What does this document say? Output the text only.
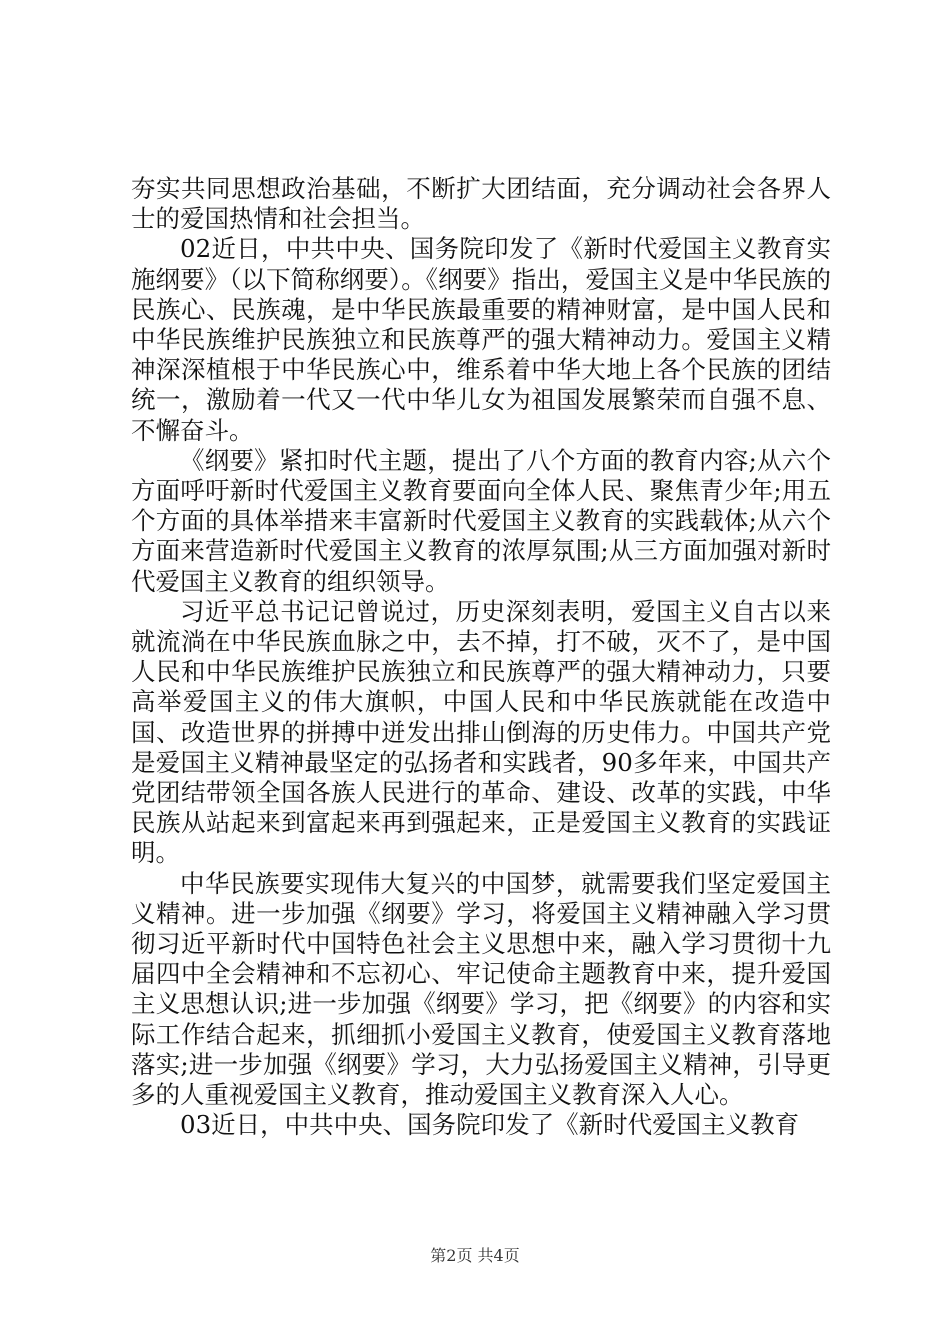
夯实共同思想政治基础，不断扩大团结面，充分调动社会各界人士的爱国热情和社会担当。

02近日，中共中央、国务院印发了《新时代爱国主义教育实施纲要》（以下简称纲要）。《纲要》指出，爱国主义是中华民族的民族心、民族魂，是中华民族最重要的精神财富，是中国人民和中华民族维护民族独立和民族尊严的强大精神动力。爱国主义精神深深植根于中华民族心中，维系着中华大地上各个民族的团结统一，激励着一代又一代中华儿女为祖国发展繁荣而自强不息、不懈奋斗。

《纲要》紧扣时代主题，提出了八个方面的教育内容;从六个方面呼吁新时代爱国主义教育要面向全体人民、聚焦青少年;用五个方面的具体举措来丰富新时代爱国主义教育的实践载体;从六个方面来营造新时代爱国主义教育的浓厚氛围;从三方面加强对新时代爱国主义教育的组织领导。

习近平总书记记曾说过，历史深刻表明，爱国主义自古以来就流淌在中华民族血脉之中，去不掉，打不破，灭不了，是中国人民和中华民族维护民族独立和民族尊严的强大精神动力，只要高举爱国主义的伟大旗帜，中国人民和中华民族就能在改造中国、改造世界的拼搏中迸发出排山倒海的历史伟力。中国共产党是爱国主义精神最坚定的弘扬者和实践者，90多年来，中国共产党团结带领全国各族人民进行的革命、建设、改革的实践，中华民族从站起来到富起来再到强起来，正是爱国主义教育的实践证明。

中华民族要实现伟大复兴的中国梦，就需要我们坚定爱国主义精神。进一步加强《纲要》学习，将爱国主义精神融入学习贯彻习近平新时代中国特色社会主义思想中来，融入学习贯彻十九届四中全会精神和不忘初心、牢记使命主题教育中来，提升爱国主义思想认识;进一步加强《纲要》学习，把《纲要》的内容和实际工作结合起来，抓细抓小爱国主义教育，使爱国主义教育落地落实;进一步加强《纲要》学习，大力弘扬爱国主义精神，引导更多的人重视爱国主义教育，推动爱国主义教育深入人心。

03近日，中共中央、国务院印发了《新时代爱国主义教育

第2页 共4页
